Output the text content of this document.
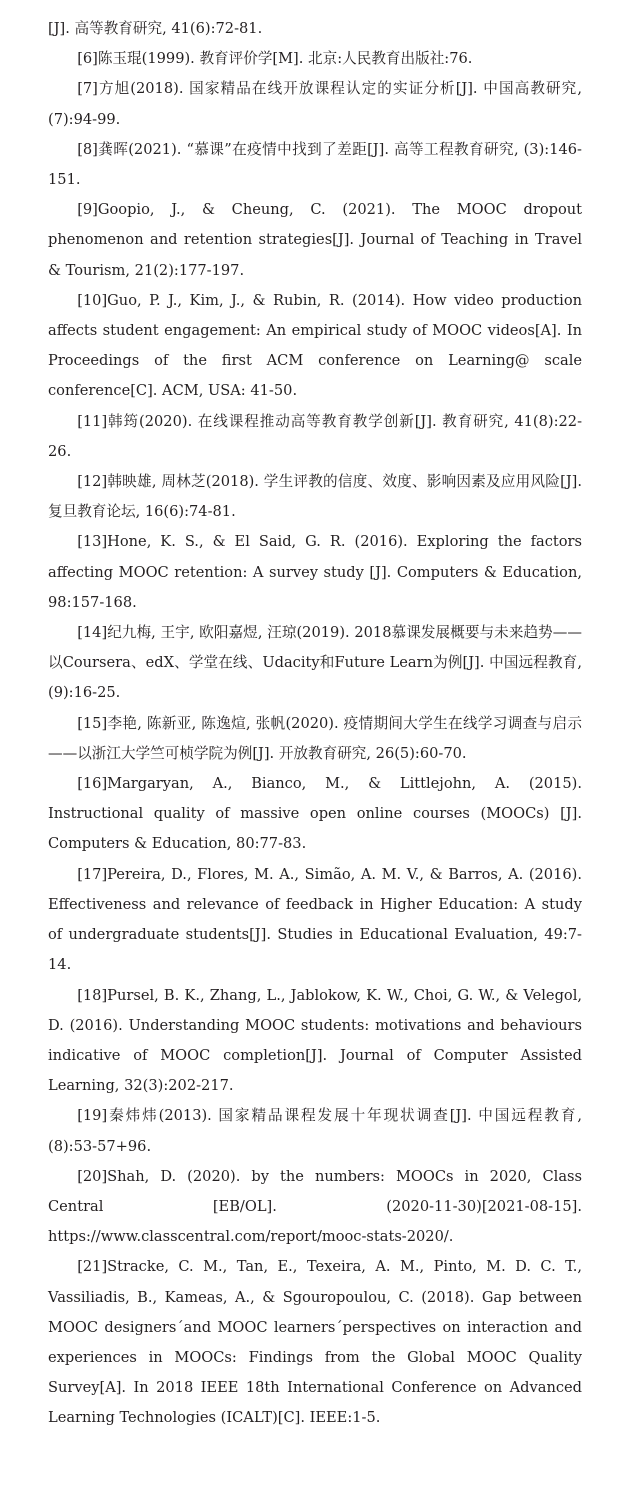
[J]. 高等教育研究, 41(6):72-81.

[6]陈玉琨(1999). 教育评价学[M]. 北京:人民教育出版社:76.

[7]方旭(2018). 国家精品在线开放课程认定的实证分析[J]. 中国高教研究, (7):94-99.

[8]龚晖(2021). “慕课”在疫情中找到了差距[J]. 高等工程教育研究, (3):146-151.

[9]Goopio, J., & Cheung, C. (2021). The MOOC dropout phenomenon and retention strategies[J]. Journal of Teaching in Travel & Tourism, 21(2):177-197.

[10]Guo, P. J., Kim, J., & Rubin, R. (2014). How video production affects student engagement: An empirical study of MOOC videos[A]. In Proceedings of the first ACM conference on Learning@ scale conference[C]. ACM, USA: 41-50.

[11]韩筠(2020). 在线课程推动高等教育教学创新[J]. 教育研究, 41(8):22-26.

[12]韩映雄, 周林芝(2018). 学生评教的信度、效度、影响因素及应用风险[J]. 复旦教育论坛, 16(6):74-81.

[13]Hone, K. S., & El Said, G. R. (2016). Exploring the factors affecting MOOC retention: A survey study [J]. Computers & Education, 98:157-168.

[14]纪九梅, 王宇, 欧阳嘉煜, 汪琼(2019). 2018慕课发展概要与未来趋势——以Coursera、edX、学堂在线、Udacity和Future Learn为例[J]. 中国远程教育, (9):16-25.

[15]李艳, 陈新亚, 陈逸煊, 张帆(2020). 疫情期间大学生在线学习调查与启示——以浙江大学竺可桢学院为例[J]. 开放教育研究, 26(5):60-70.

[16]Margaryan, A., Bianco, M., & Littlejohn, A. (2015). Instructional quality of massive open online courses (MOOCs) [J]. Computers & Education, 80:77-83.

[17]Pereira, D., Flores, M. A., Simão, A. M. V., & Barros, A. (2016). Effectiveness and relevance of feedback in Higher Education: A study of undergraduate students[J]. Studies in Educational Evaluation, 49:7-14.

[18]Pursel, B. K., Zhang, L., Jablokow, K. W., Choi, G. W., & Velegol, D. (2016). Understanding MOOC students: motivations and behaviours indicative of MOOC completion[J]. Journal of Computer Assisted Learning, 32(3):202-217.

[19]秦炜炜(2013). 国家精品课程发展十年现状调查[J]. 中国远程教育, (8):53-57+96.

[20]Shah, D. (2020). by the numbers: MOOCs in 2020, Class Central [EB/OL]. (2020-11-30)[2021-08-15]. https://www.classcentral.com/report/mooc-stats-2020/.

[21]Stracke, C. M., Tan, E., Texeira, A. M., Pinto, M. D. C. T., Vassiliadis, B., Kameas, A., & Sgouropoulou, C. (2018). Gap between MOOC designers´and MOOC learners´perspectives on interaction and experiences in MOOCs: Findings from the Global MOOC Quality Survey[A]. In 2018 IEEE 18th International Conference on Advanced Learning Technologies (ICALT)[C]. IEEE:1-5.
